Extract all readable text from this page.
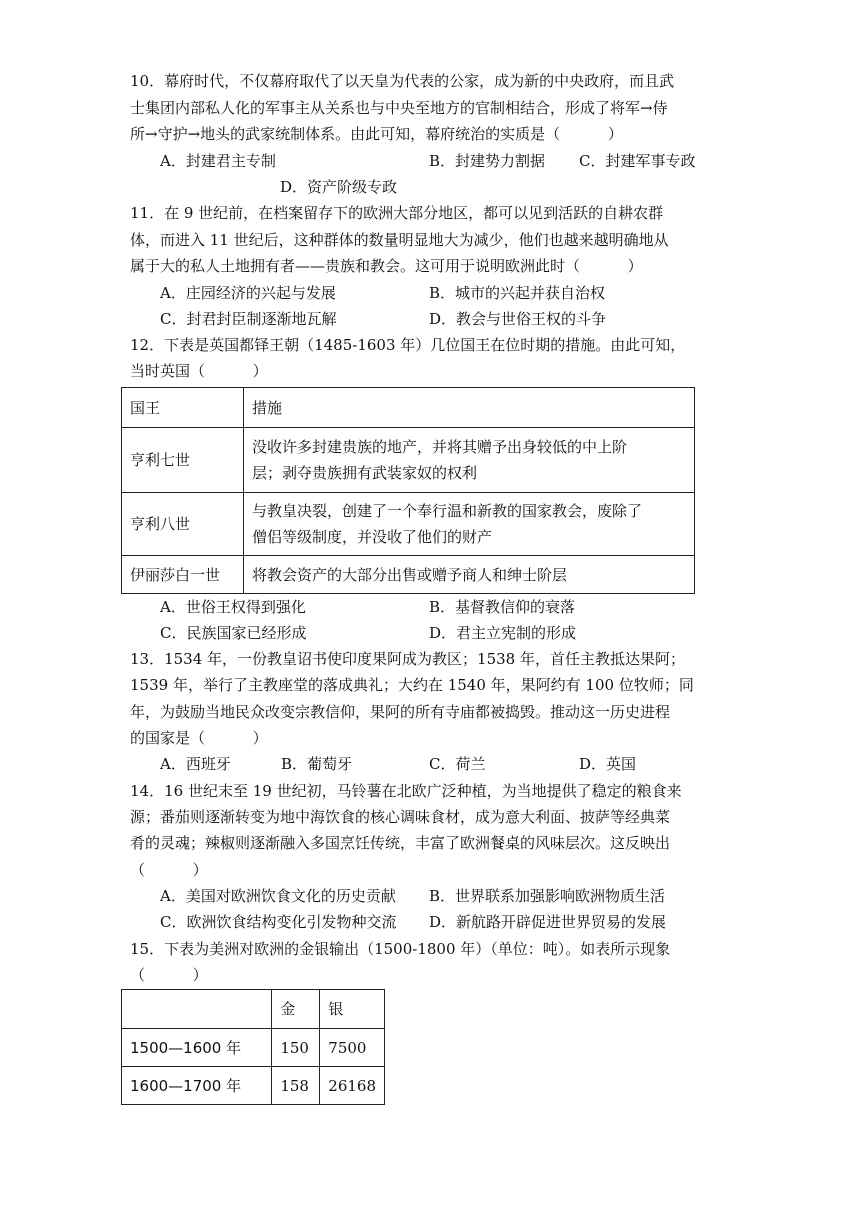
10．幕府时代，不仅幕府取代了以天皇为代表的公家，成为新的中央政府，而且武
士集团内部私人化的军事主从关系也与中央至地方的官制相结合，形成了将军→侍
所→守护→地头的武家统制体系。由此可知，幕府统治的实质是（          ）
A．封建君主专制	B．封建势力割据 C．封建军事专政
D．资产阶级专政
11．在 9 世纪前，在档案留存下的欧洲大部分地区，都可以见到活跃的自耕农群
体，而进入 11 世纪后，这种群体的数量明显地大为减少，他们也越来越明确地从
属于大的私人土地拥有者——贵族和教会。这可用于说明欧洲此时（          ）
A．庄园经济的兴起与发展	B．城市的兴起并获自治权
C．封君封臣制逐渐地瓦解	D．教会与世俗王权的斗争
12．下表是英国都铎王朝（1485-1603 年）几位国王在位时期的措施。由此可知，
当时英国（          ）
国王	措施
亨利七世	没收许多封建贵族的地产，并将其赠予出身较低的中上阶
层；剥夺贵族拥有武装家奴的权利

亨利八世	与教皇决裂，创建了一个奉行温和新教的国家教会，废除了
僧侣等级制度，并没收了他们的财产

伊丽莎白一世	将教会资产的大部分出售或赠予商人和绅士阶层
A．世俗王权得到强化	B．基督教信仰的衰落
C．民族国家已经形成	D．君主立宪制的形成
13．1534 年，一份教皇诏书使印度果阿成为教区；1538 年，首任主教抵达果阿；
1539 年，举行了主教座堂的落成典礼；大约在 1540 年，果阿约有 100 位牧师；同
年，为鼓励当地民众改变宗教信仰，果阿的所有寺庙都被捣毁。推动这一历史进程
的国家是（          ）
A．西班牙	B．葡萄牙	C．荷兰	D．英国
14．16 世纪末至 19 世纪初，马铃薯在北欧广泛种植，为当地提供了稳定的粮食来
源；番茄则逐渐转变为地中海饮食的核心调味食材，成为意大利面、披萨等经典菜
肴的灵魂；辣椒则逐渐融入多国烹饪传统，丰富了欧洲餐桌的风味层次。这反映出
（          ）
A．美国对欧洲饮食文化的历史贡献 B．世界联系加强影响欧洲物质生活
C．欧洲饮食结构变化引发物种交流 D．新航路开辟促进世界贸易的发展
15．下表为美洲对欧洲的金银输出（1500-1800 年）（单位：吨）。如表所示现象
（          ）
	金	银
1500—1600 年	150	7500
1600—1700 年	158	26168
